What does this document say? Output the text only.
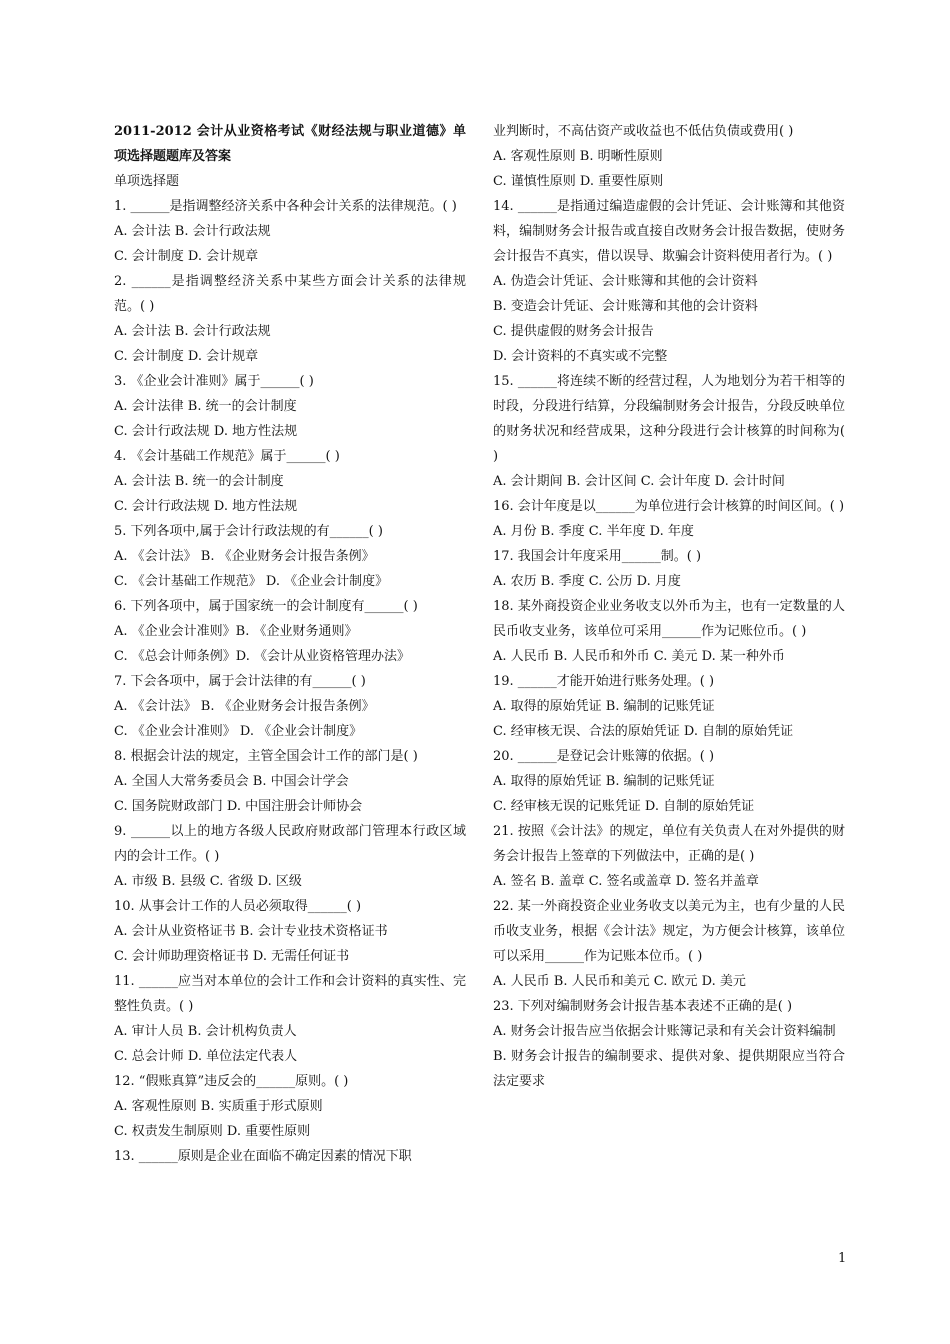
2011-2012 会计从业资格考试《财经法规与职业道德》单项选择题题库及答案
单项选择题
1. ______是指调整经济关系中各种会计关系的法律规范。( )
A. 会计法 B. 会计行政法规
C. 会计制度 D. 会计规章
2. ______是指调整经济关系中某些方面会计关系的法律规范。( )
A. 会计法 B. 会计行政法规
C. 会计制度 D. 会计规章
3. 《企业会计准则》属于______( )
A. 会计法律 B. 统一的会计制度
C. 会计行政法规 D. 地方性法规
4. 《会计基础工作规范》属于______( )
A. 会计法 B. 统一的会计制度
C. 会计行政法规 D. 地方性法规
5. 下列各项中,属于会计行政法规的有______( )
A. 《会计法》 B. 《企业财务会计报告条例》
C. 《会计基础工作规范》 D. 《企业会计制度》
6. 下列各项中，属于国家统一的会计制度有______( )
A. 《企业会计准则》B. 《企业财务通则》
C. 《总会计师条例》D. 《会计从业资格管理办法》
7. 下会各项中，属于会计法律的有______( )
A. 《会计法》 B. 《企业财务会计报告条例》
C. 《企业会计准则》 D. 《企业会计制度》
8. 根据会计法的规定，主管全国会计工作的部门是( )
A. 全国人大常务委员会 B. 中国会计学会
C. 国务院财政部门 D. 中国注册会计师协会
9. ______以上的地方各级人民政府财政部门管理本行政区域内的会计工作。( )
A. 市级 B. 县级 C. 省级 D. 区级
10. 从事会计工作的人员必须取得______( )
A. 会计从业资格证书 B. 会计专业技术资格证书
C. 会计师助理资格证书 D. 无需任何证书
11. ______应当对本单位的会计工作和会计资料的真实性、完整性负责。( )
A. 审计人员 B. 会计机构负责人
C. 总会计师 D. 单位法定代表人
12. “假账真算”违反会的______原则。( )
A. 客观性原则 B. 实质重于形式原则
C. 权责发生制原则 D. 重要性原则
13. ______原则是企业在面临不确定因素的情况下职
业判断时，不高估资产或收益也不低估负债或费用( )
A. 客观性原则 B. 明晰性原则
C. 谨慎性原则 D. 重要性原则
14. ______是指通过编造虚假的会计凭证、会计账簿和其他资料，编制财务会计报告或直接自改财务会计报告数据，使财务会计报告不真实，借以误导、欺骗会计资料使用者行为。( )
A. 伪造会计凭证、会计账簿和其他的会计资料
B. 变造会计凭证、会计账簿和其他的会计资料
C. 提供虚假的财务会计报告
D. 会计资料的不真实或不完整
15. ______将连续不断的经营过程，人为地划分为若干相等的时段，分段进行结算，分段编制财务会计报告，分段反映单位的财务状况和经营成果，这种分段进行会计核算的时间称为( )
A. 会计期间 B. 会计区间 C. 会计年度 D. 会计时间
16. 会计年度是以______为单位进行会计核算的时间区间。( )
A. 月份 B. 季度 C. 半年度 D. 年度
17. 我国会计年度采用______制。( )
A. 农历 B. 季度 C. 公历 D. 月度
18. 某外商投资企业业务收支以外币为主，也有一定数量的人民币收支业务，该单位可采用______作为记账位币。( )
A. 人民币 B. 人民币和外币 C. 美元 D. 某一种外币
19. ______才能开始进行账务处理。( )
A. 取得的原始凭证 B. 编制的记账凭证
C. 经审核无误、合法的原始凭证 D. 自制的原始凭证
20. ______是登记会计账簿的依据。( )
A. 取得的原始凭证 B. 编制的记账凭证
C. 经审核无误的记账凭证 D. 自制的原始凭证
21. 按照《会计法》的规定，单位有关负责人在对外提供的财务会计报告上签章的下列做法中，正确的是( )
A. 签名 B. 盖章 C. 签名或盖章 D. 签名并盖章
22. 某一外商投资企业业务收支以美元为主，也有少量的人民币收支业务，根据《会计法》规定，为方便会计核算，该单位可以采用______作为记账本位币。( )
A. 人民币 B. 人民币和美元 C. 欧元 D. 美元
23. 下列对编制财务会计报告基本表述不正确的是( )
A. 财务会计报告应当依据会计账簿记录和有关会计资料编制
B. 财务会计报告的编制要求、提供对象、提供期限应当符合法定要求
1
